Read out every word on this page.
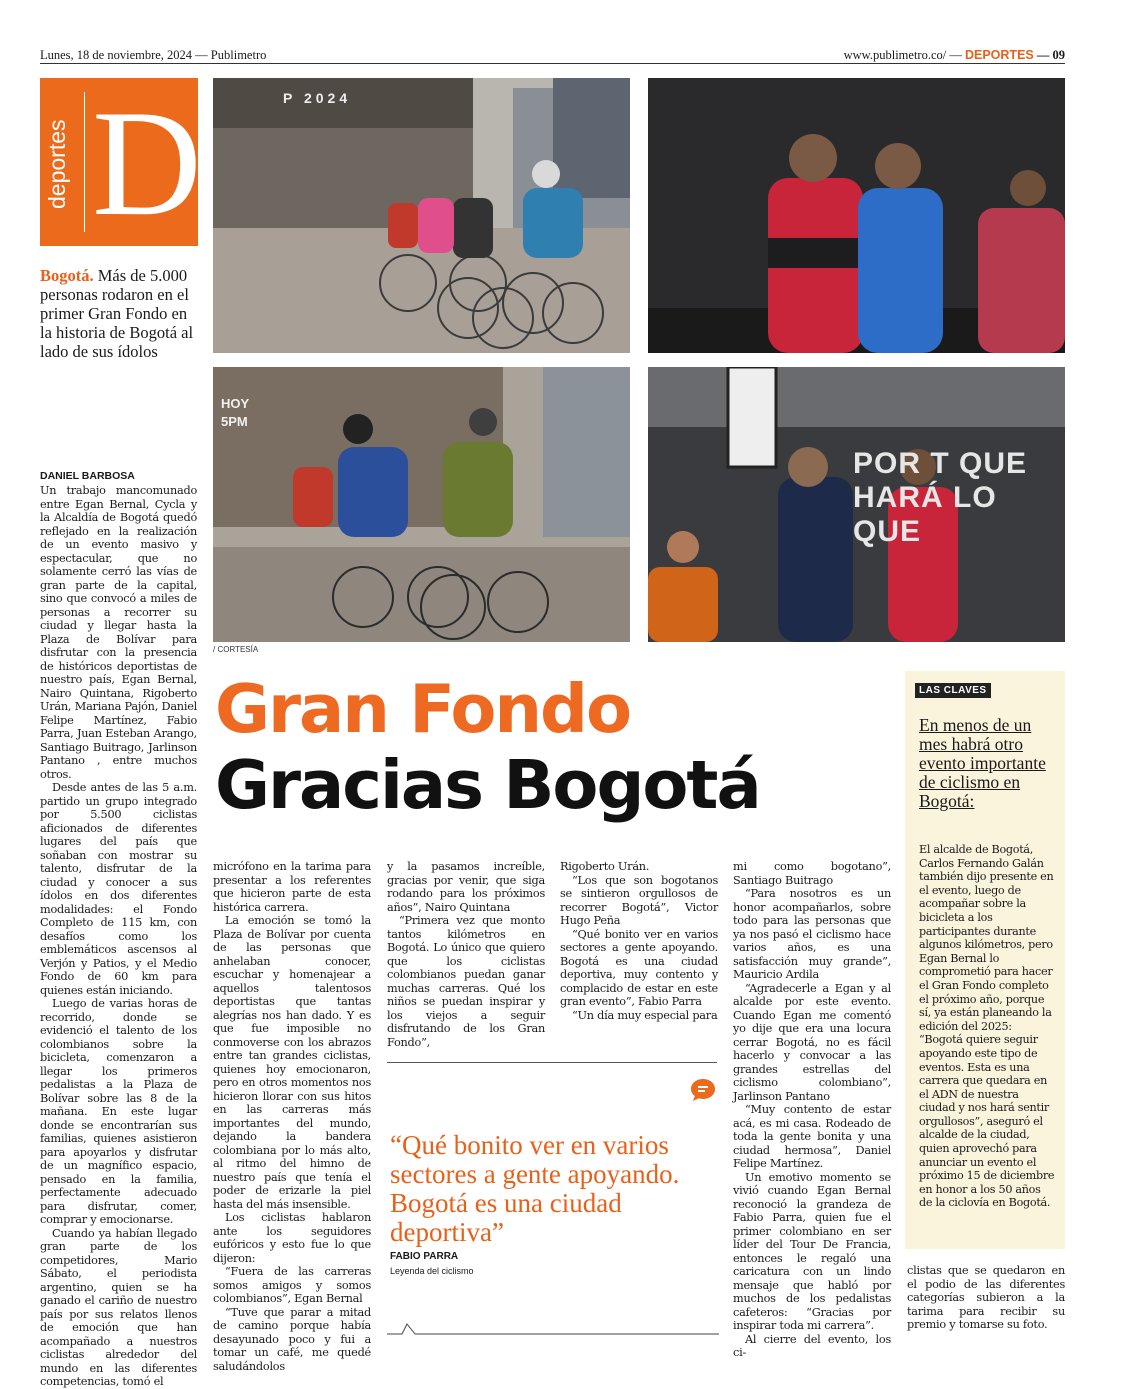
Lunes, 18 de noviembre, 2024 — Publimetro	www.publimetro.co/ — DEPORTES — 09
deportes D
Bogotá. Más de 5.000 personas rodaron en el primer Gran Fondo en la historia de Bogotá al lado de sus ídolos
P 2024
HOY 5PM
POR T QUE HARÁ LO QUE
/ CORTESÍA
Gran Fondo
Gracias Bogotá
DANIEL BARBOSA

Un trabajo mancomunado entre Egan Bernal, Cycla y la Alcaldía de Bogotá quedó reflejado en la realización de un evento masivo y espectacular, que no solamente cerró las vías de gran parte de la capital, sino que convocó a miles de personas a recorrer su ciudad y llegar hasta la Plaza de Bolívar para disfrutar con la presencia de históricos deportistas de nuestro país, Egan Bernal, Nairo Quintana, Rigoberto Urán, Mariana Pajón, Daniel Felipe Martínez, Fabio Parra, Juan Esteban Arango, Santiago Buitrago, Jarlinson Pantano , entre muchos otros.

Desde antes de las 5 a.m. partido un grupo integrado por 5.500 ciclistas aficionados de diferentes lugares del país que soñaban con mostrar su talento, disfrutar de la ciudad y conocer a sus ídolos en dos diferentes modalidades: el Fondo Completo de 115 km, con desafíos como los emblemáticos ascensos al Verjón y Patios, y el Medio Fondo de 60 km para quienes están iniciando.

Luego de varias horas de recorrido, donde se evidenció el talento de los colombianos sobre la bicicleta, comenzaron a llegar los primeros pedalistas a la Plaza de Bolívar sobre las 8 de la mañana. En este lugar donde se encontrarían sus familias, quienes asistieron para apoyarlos y disfrutar de un magnífico espacio, pensado en la familia, perfectamente adecuado para disfrutar, comer, comprar y emocionarse.

Cuando ya habían llegado gran parte de los competidores, Mario Sábato, el periodista argentino, quien se ha ganado el cariño de nuestro país por sus relatos llenos de emoción que han acompañado a nuestros ciclistas alrededor del mundo en las diferentes competencias, tomó el

micrófono en la tarima para presentar a los referentes que hicieron parte de esta histórica carrera.

La emoción se tomó la Plaza de Bolívar por cuenta de las personas que anhelaban conocer, escuchar y homenajear a aquellos talentosos deportistas que tantas alegrías nos han dado. Y es que fue imposible no conmoverse con los abrazos entre tan grandes ciclistas, quienes hoy emocionaron, pero en otros momentos nos hicieron llorar con sus hitos en las carreras más importantes del mundo, dejando la bandera colombiana por lo más alto, al ritmo del himno de nuestro país que tenía el poder de erizarle la piel hasta del más insensible.

Los ciclistas hablaron ante los seguidores eufóricos y esto fue lo que dijeron:

“Fuera de las carreras somos amigos y somos colombianos”, Egan Bernal

“Tuve que parar a mitad de camino porque había desayunado poco y fui a tomar un café, me quedé saludándolos

y la pasamos increíble, gracias por venir, que siga rodando para los próximos años”, Nairo Quintana

“Primera vez que monto tantos kilómetros en Bogotá. Lo único que quiero que los ciclistas colombianos puedan ganar muchas carreras. Qué los niños se puedan inspirar y los viejos a seguir disfrutando de los Gran Fondo”,

Rigoberto Urán.

“Los que son bogotanos se sintieron orgullosos de recorrer Bogotá”, Victor Hugo Peña

“Qué bonito ver en varios sectores a gente apoyando. Bogotá es una ciudad deportiva, muy contento y complacido de estar en este gran evento”, Fabio Parra

“Un día muy especial para

mi como bogotano”, Santiago Buitrago

“Para nosotros es un honor acompañarlos, sobre todo para las personas que ya nos pasó el ciclismo hace varios años, es una satisfacción muy grande”, Mauricio Ardila

“Agradecerle a Egan y al alcalde por este evento. Cuando Egan me comentó yo dije que era una locura cerrar Bogotá, no es fácil hacerlo y convocar a las grandes estrellas del ciclismo colombiano”, Jarlinson Pantano

“Muy contento de estar acá, es mi casa. Rodeado de toda la gente bonita y una ciudad hermosa”, Daniel Felipe Martínez.

Un emotivo momento se vivió cuando Egan Bernal reconoció la grandeza de Fabio Parra, quien fue el primer colombiano en ser líder del Tour De Francia, entonces le regaló una caricatura con un lindo mensaje que habló por muchos de los pedalistas cafeteros: “Gracias por inspirar toda mi carrera”.

Al cierre del evento, los ci-

clistas que se quedaron en el podio de las diferentes categorías subieron a la tarima para recibir su premio y tomarse su foto.

LAS CLAVES
En menos de un mes habrá otro evento importante de ciclismo en Bogotá:
El alcalde de Bogotá, Carlos Fernando Galán también dijo presente en el evento, luego de acompañar sobre la bicicleta a los participantes durante algunos kilómetros, pero Egan Bernal lo comprometió para hacer el Gran Fondo completo el próximo año, porque sí, ya están planeando la edición del 2025: “Bogotá quiere seguir apoyando este tipo de eventos. Esta es una carrera que quedara en el ADN de nuestra ciudad y nos hará sentir orgullosos”, aseguró el alcalde de la ciudad, quien aprovechó para anunciar un evento el próximo 15 de diciembre en honor a los 50 años de la ciclovía en Bogotá.
“Qué bonito ver en varios sectores a gente apoyando. Bogotá es una ciudad deportiva”
FABIO PARRA
Leyenda del ciclismo
